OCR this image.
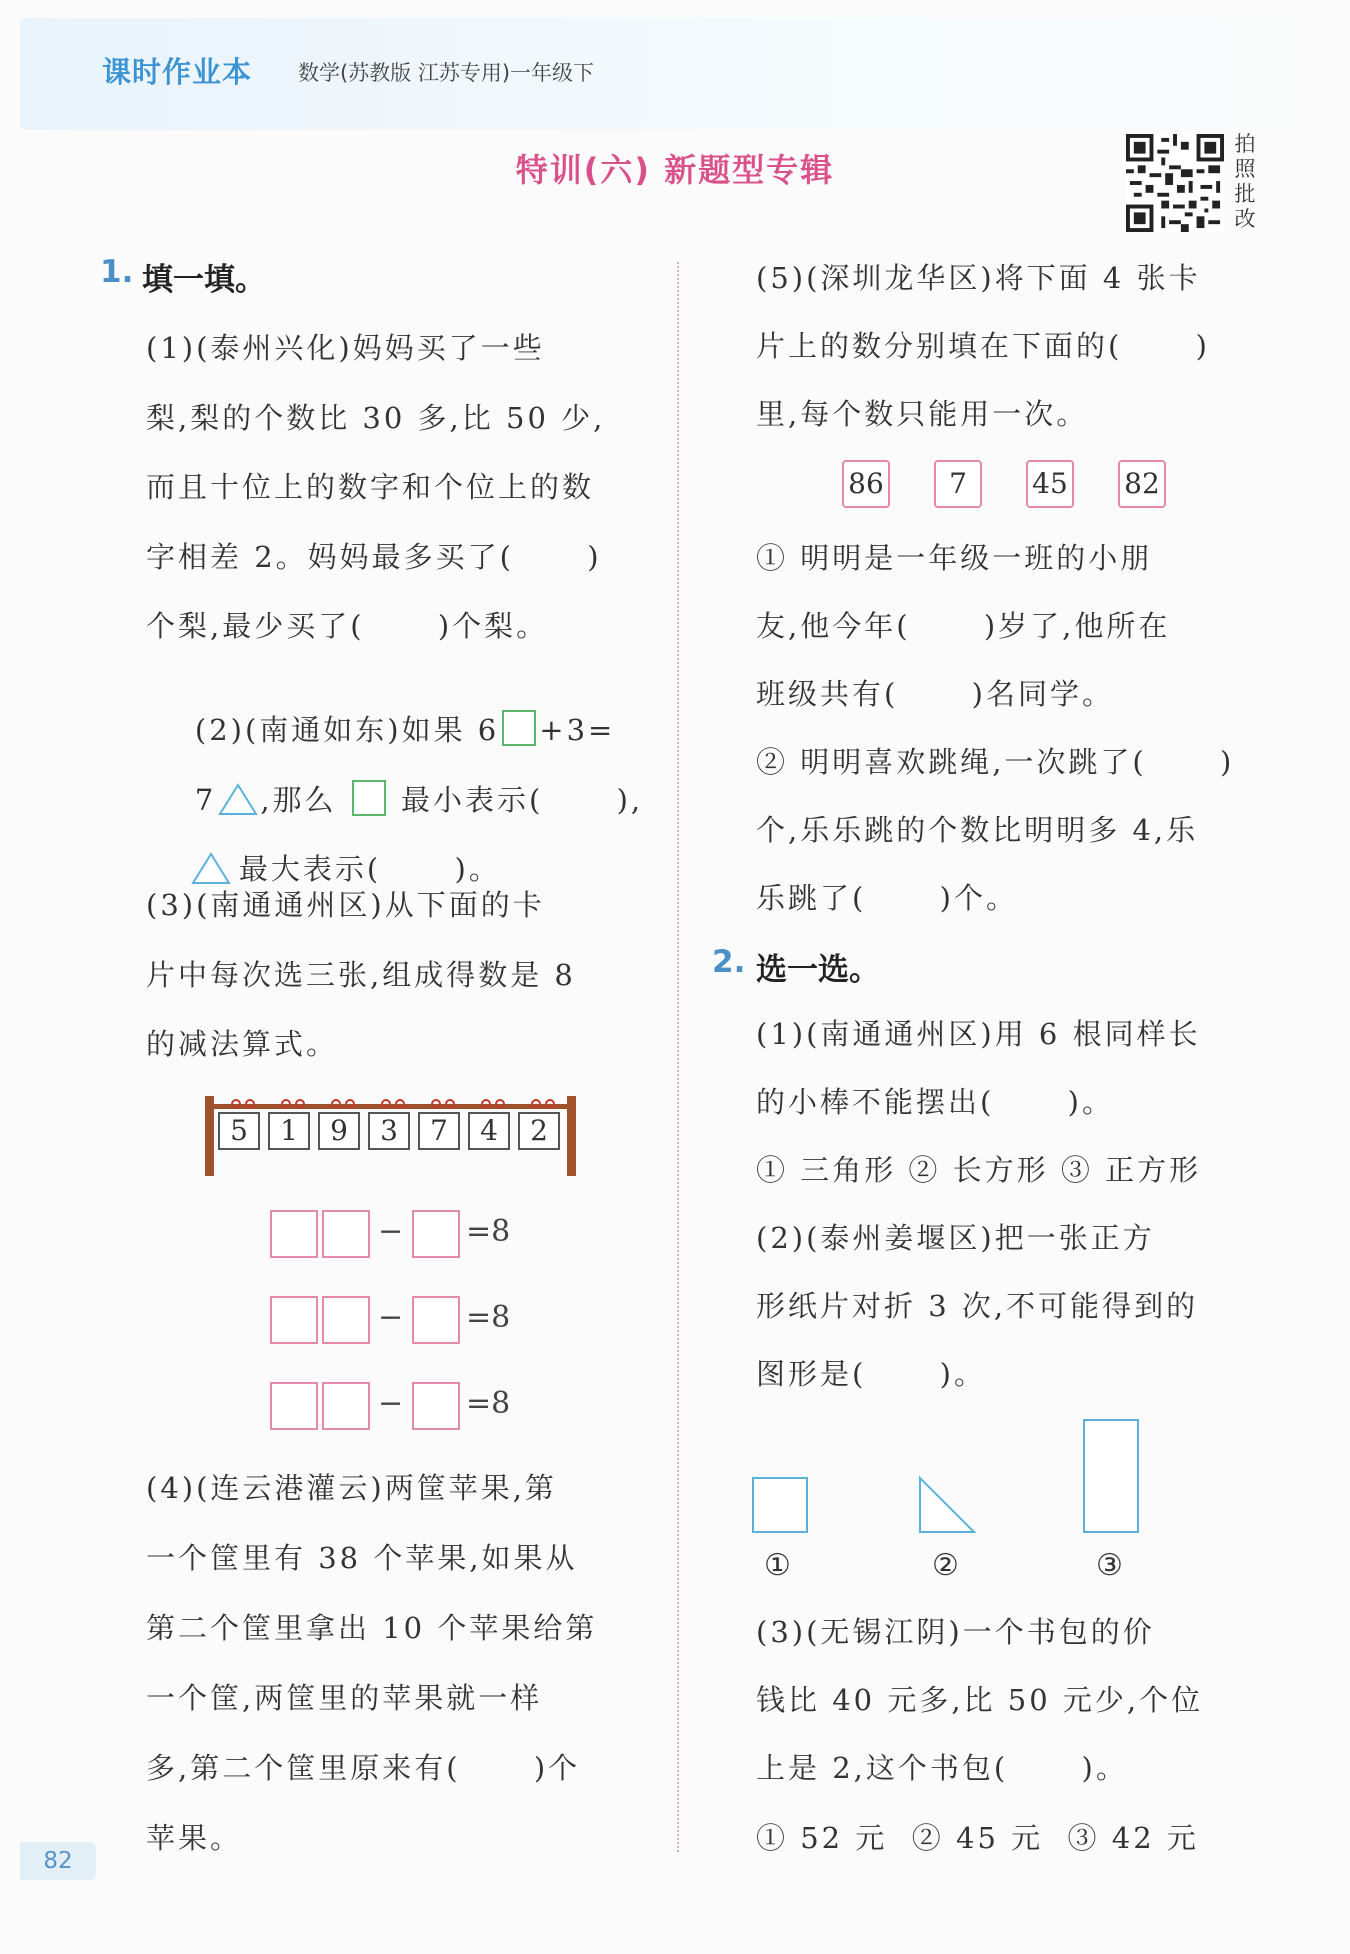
课时作业本 数学(苏教版 江苏专用)一年级下
特训(六) 新题型专辑
拍
照
批
改
1. 填一填。
(1)(泰州兴化)妈妈买了一些
梨,梨的个数比 30 多,比 50 少,
而且十位上的数字和个位上的数
字相差 2。妈妈最多买了(      )
个梨,最少买了(      )个梨。

(2)(南通如东)如果 6 +3=

7 ,那么 最小表示(      ),

最大表示(      )。

(3)(南通通州区)从下面的卡
片中每次选三张,组成得数是 8
的减法算式。
5	1	9	3	7	4	2
− =8
− =8
− =8
(4)(连云港灌云)两筐苹果,第
一个筐里有 38 个苹果,如果从
第二个筐里拿出 10 个苹果给第
一个筐,两筐里的苹果就一样
多,第二个筐里原来有(      )个
苹果。
(5)(深圳龙华区)将下面 4 张卡
片上的数分别填在下面的(      )
里,每个数只能用一次。
86	7	45 82
① 明明是一年级一班的小朋
友,他今年(      )岁了,他所在
班级共有(      )名同学。
② 明明喜欢跳绳,一次跳了(      )
个,乐乐跳的个数比明明多 4,乐
乐跳了(      )个。
2. 选一选。
(1)(南通通州区)用 6 根同样长
的小棒不能摆出(      )。
① 三角形 ② 长方形 ③ 正方形
(2)(泰州姜堰区)把一张正方
形纸片对折 3 次,不可能得到的
图形是(      )。
①	②	③
(3)(无锡江阴)一个书包的价
钱比 40 元多,比 50 元少,个位
上是 2,这个书包(      )。
① 52 元  ② 45 元  ③ 42 元
82
